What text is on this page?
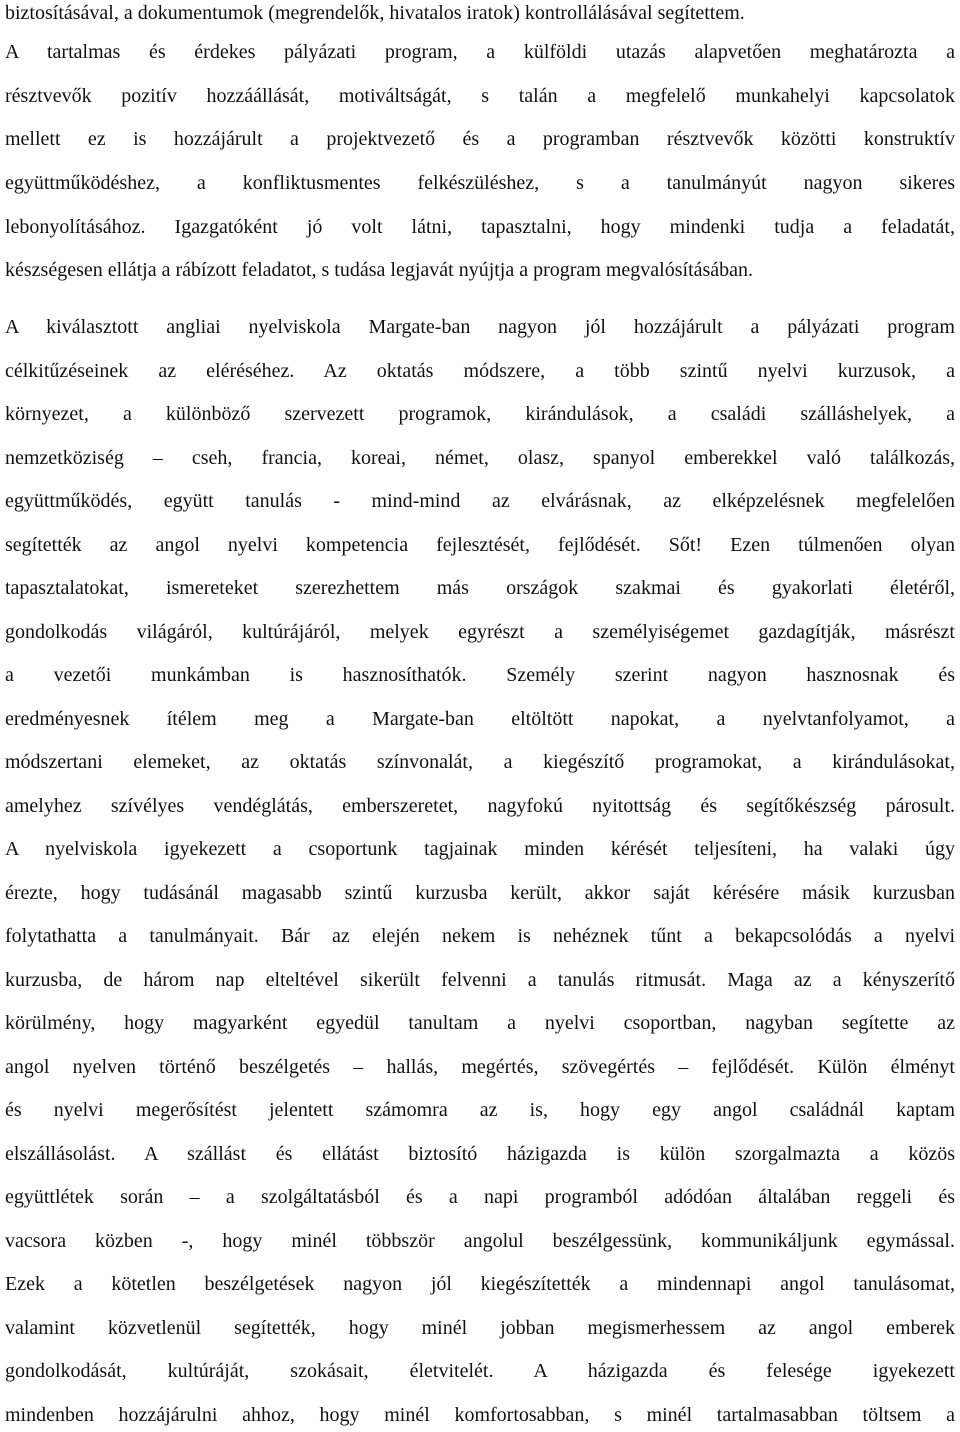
biztosításával, a dokumentumok (megrendelők, hivatalos iratok) kontrollálásával segítettem.
A tartalmas és érdekes pályázati program, a külföldi utazás alapvetően meghatározta a
résztvevők pozitív hozzáállását, motiváltságát, s talán a megfelelő munkahelyi kapcsolatok
mellett ez is hozzájárult a projektvezető és a programban résztvevők közötti konstruktív
együttműködéshez, a konfliktusmentes felkészüléshez, s a tanulmányút nagyon sikeres
lebonyolításához. Igazgatóként jó volt látni, tapasztalni, hogy mindenki tudja a feladatát,
készségesen ellátja a rábízott feladatot, s tudása legjavát nyújtja a program megvalósításában.
A kiválasztott angliai nyelviskola Margate-ban nagyon jól hozzájárult a pályázati program
célkitűzéseinek az eléréséhez. Az oktatás módszere, a több szintű nyelvi kurzusok, a
környezet, a különböző szervezett programok, kirándulások, a családi szálláshelyek, a
nemzetköziség – cseh, francia, koreai, német, olasz, spanyol emberekkel való találkozás,
együttműködés, együtt tanulás - mind-mind az elvárásnak, az elképzelésnek megfelelően
segítették az angol nyelvi kompetencia fejlesztését, fejlődését. Sőt! Ezen túlmenően olyan
tapasztalatokat, ismereteket szerezhettem más országok szakmai és gyakorlati életéről,
gondolkodás világáról, kultúrájáról, melyek egyrészt a személyiségemet gazdagítják, másrészt
a vezetői munkámban is hasznosíthatók. Személy szerint nagyon hasznosnak és
eredményesnek ítélem meg a Margate-ban eltöltött napokat, a nyelvtanfolyamot, a
módszertani elemeket, az oktatás színvonalát, a kiegészítő programokat, a kirándulásokat,
amelyhez szívélyes vendéglátás, emberszeretet, nagyfokú nyitottság és segítőkészség párosult.
A nyelviskola igyekezett a csoportunk tagjainak minden kérését teljesíteni, ha valaki úgy
érezte, hogy tudásánál magasabb szintű kurzusba került, akkor saját kérésére másik kurzusban
folytathatta a tanulmányait. Bár az elején nekem is nehéznek tűnt a bekapcsolódás a nyelvi
kurzusba, de három nap elteltével sikerült felvenni a tanulás ritmusát. Maga az a kényszerítő
körülmény, hogy magyarként egyedül tanultam a nyelvi csoportban, nagyban segítette az
angol nyelven történő beszélgetés – hallás, megértés, szövegértés – fejlődését. Külön élményt
és nyelvi megerősítést jelentett számomra az is, hogy egy angol családnál kaptam
elszállásolást. A szállást és ellátást biztosító házigazda is külön szorgalmazta a közös
együttlétek során – a szolgáltatásból és a napi programból adódóan általában reggeli és
vacsora közben -, hogy minél többször angolul beszélgessünk, kommunikáljunk egymással.
Ezek a kötetlen beszélgetések nagyon jól kiegészítették a mindennapi angol tanulásomat,
valamint közvetlenül segítették, hogy minél jobban megismerhessem az angol emberek
gondolkodását, kultúráját, szokásait, életvitelét. A házigazda és felesége igyekezett
mindenben hozzájárulni ahhoz, hogy minél komfortosabban, s minél tartalmasabban töltsem a
